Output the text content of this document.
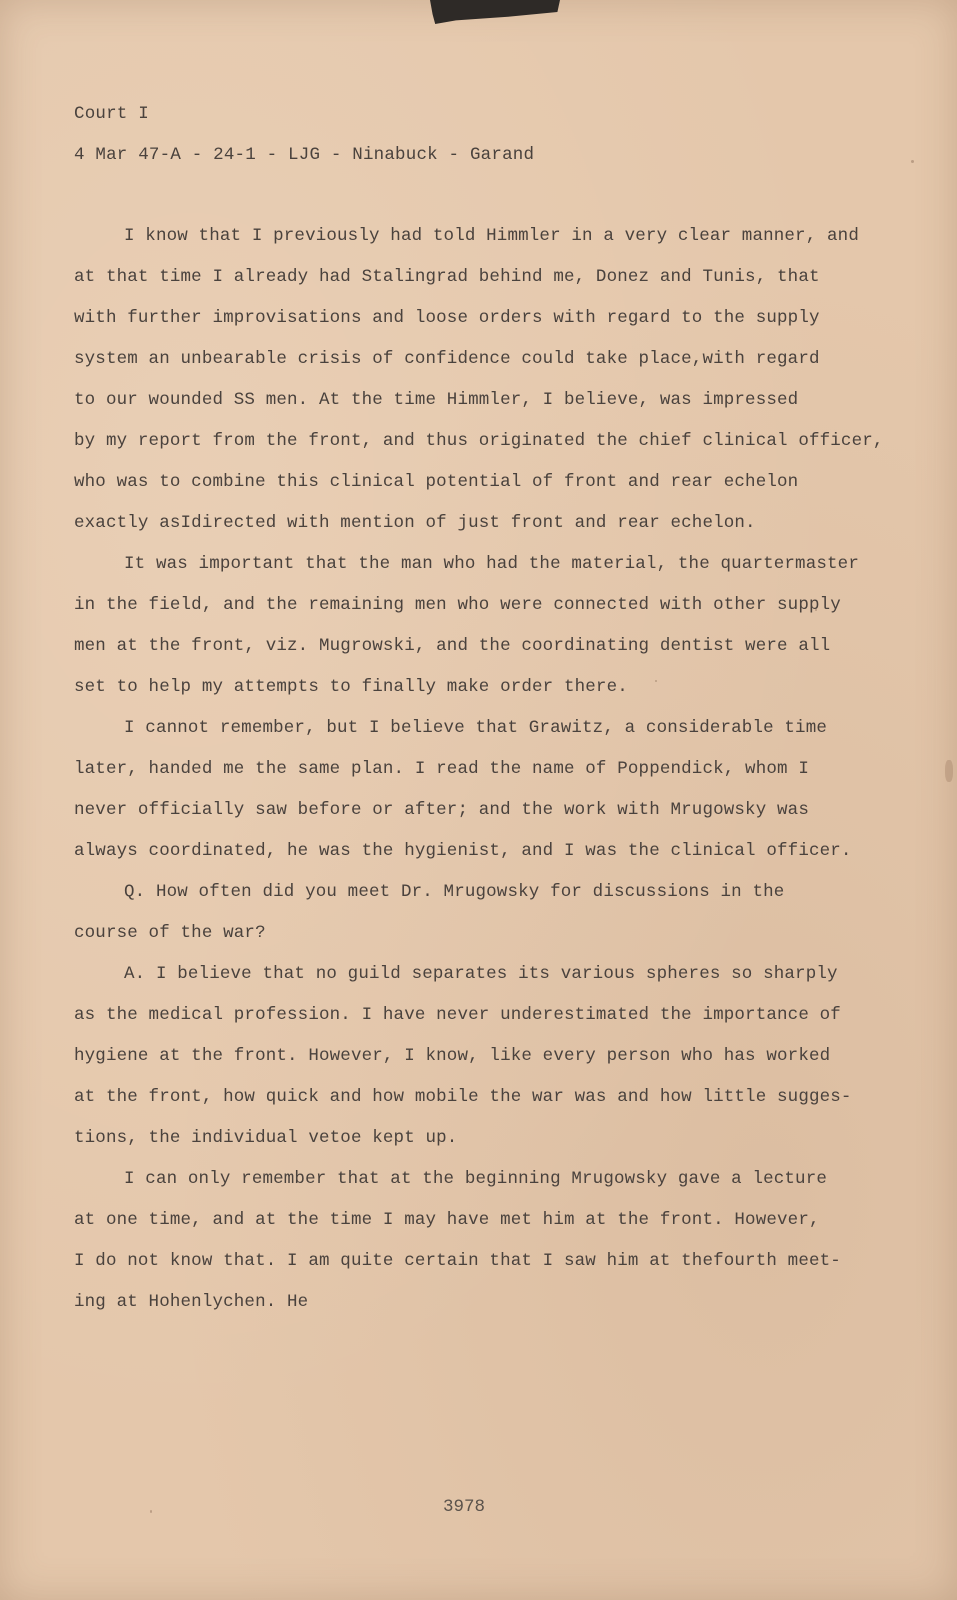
Court I
4 Mar 47-A - 24-1 - LJG - Ninabuck - Garand
I know that I previously had told Himmler in a very clear manner, and
at that time I already had Stalingrad behind me, Donez and Tunis, that
with further improvisations and loose orders with regard to the supply
system an unbearable crisis of confidence could take place,with regard
to our wounded SS men. At the time Himmler, I believe, was impressed
by my report from the front, and thus originated the chief clinical officer,
who was to combine this clinical potential of front and rear echelon
exactly asIdirected with mention of just front and rear echelon.
It was important that the man who had the material, the quartermaster
in the field, and the remaining men who were connected with other supply
men at the front, viz. Mugrowski, and the coordinating dentist were all
set to help my attempts to finally make order there.
I cannot remember, but I believe that Grawitz, a considerable time
later, handed me the same plan. I read the name of Poppendick, whom I
never officially saw before or after; and the work with Mrugowsky was
always coordinated, he was the hygienist, and I was the clinical officer.
Q. How often did you meet Dr. Mrugowsky for discussions in the
course of the war?
A. I believe that no guild separates its various spheres so sharply
as the medical profession. I have never underestimated the importance of
hygiene at the front. However, I know, like every person who has worked
at the front, how quick and how mobile the war was and how little sugges-
tions, the individual vetoe kept up.
I can only remember that at the beginning Mrugowsky gave a lecture
at one time, and at the time I may have met him at the front. However,
I do not know that. I am quite certain that I saw him at thefourth meet-
ing at Hohenlychen. He
3978
